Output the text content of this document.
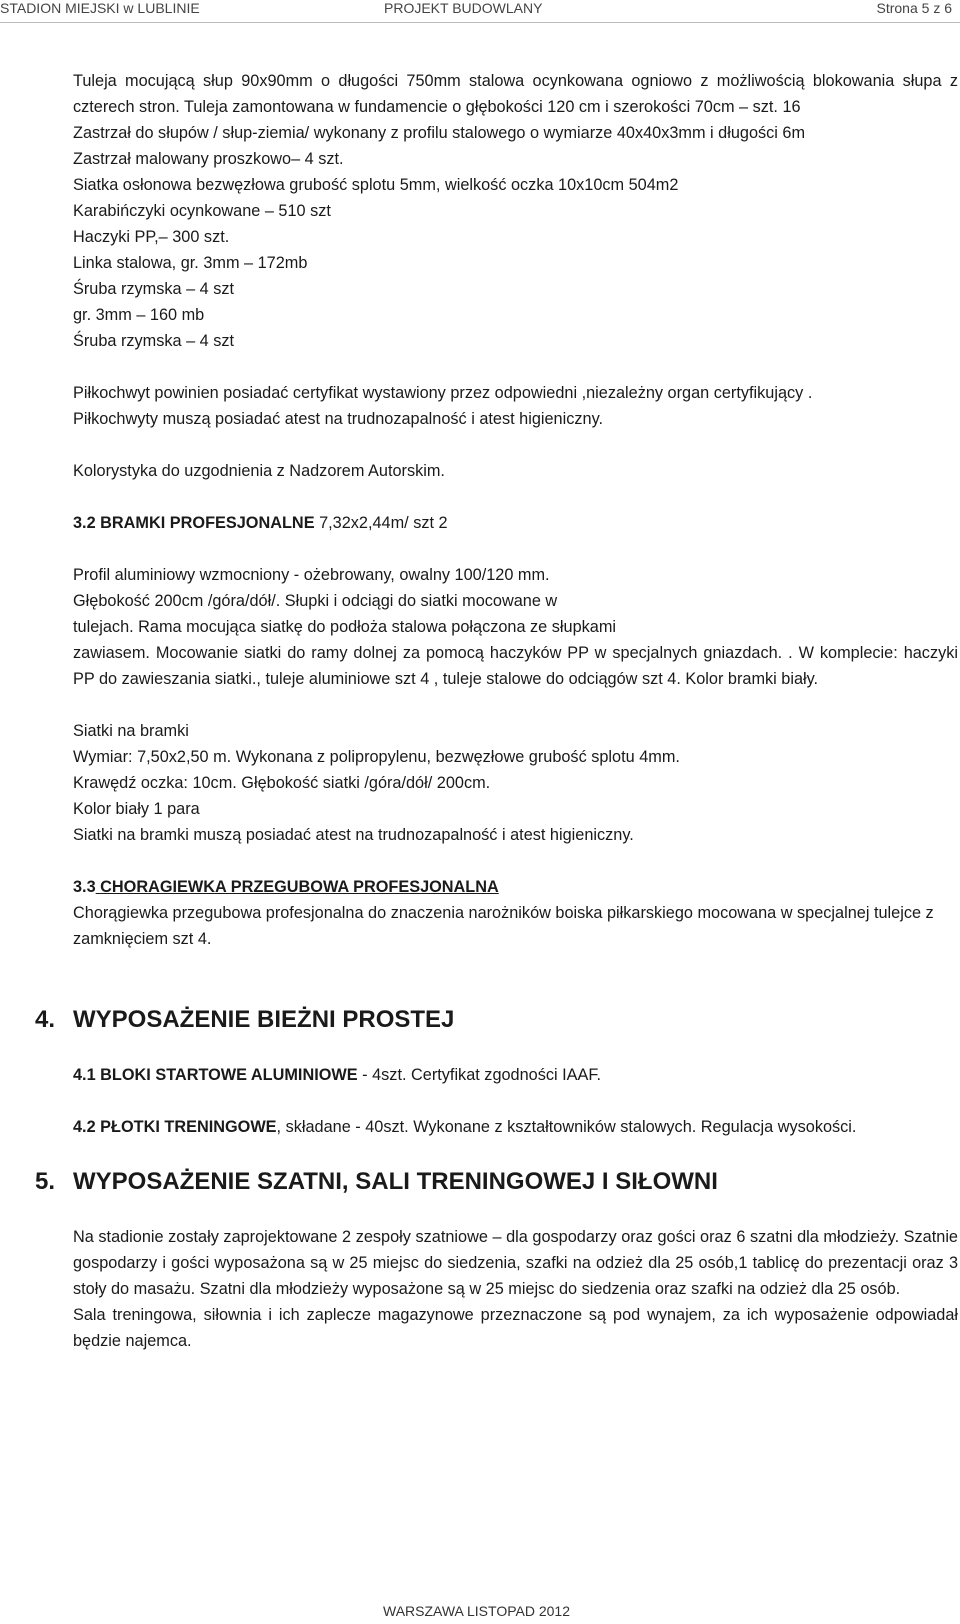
STADION MIEJSKI w LUBLINIE	PROJEKT BUDOWLANY	Strona 5 z 6

Tuleja mocującą słup 90x90mm o długości 750mm stalowa ocynkowana ogniowo z możliwością blokowania słupa z czterech stron. Tuleja zamontowana w fundamencie o głębokości 120 cm i szerokości 70cm – szt. 16

Zastrzał do słupów / słup-ziemia/ wykonany z profilu stalowego o wymiarze 40x40x3mm i długości 6m

Zastrzał malowany proszkowo– 4 szt.

Siatka osłonowa bezwęzłowa grubość splotu 5mm, wielkość oczka 10x10cm 504m2

Karabińczyki ocynkowane – 510 szt

Haczyki PP,– 300 szt.

Linka stalowa, gr. 3mm – 172mb

Śruba rzymska – 4 szt

gr. 3mm – 160 mb

Śruba rzymska – 4 szt

Piłkochwyt powinien posiadać certyfikat wystawiony przez odpowiedni ,niezależny organ certyfikujący .

Piłkochwyty muszą posiadać atest na trudnozapalność i atest higieniczny.

Kolorystyka do uzgodnienia z Nadzorem Autorskim.

3.2 BRAMKI PROFESJONALNE 7,32x2,44m/ szt 2

Profil aluminiowy wzmocniony - ożebrowany, owalny 100/120 mm.

Głębokość 200cm /góra/dół/. Słupki i odciągi do siatki mocowane w

tulejach. Rama mocująca siatkę do podłoża stalowa połączona ze słupkami

zawiasem. Mocowanie siatki do ramy dolnej za pomocą haczyków PP w specjalnych gniazdach. . W komplecie: haczyki PP do zawieszania siatki., tuleje aluminiowe szt 4 , tuleje stalowe do odciągów szt 4. Kolor bramki biały.

Siatki na bramki

Wymiar: 7,50x2,50 m. Wykonana z polipropylenu, bezwęzłowe grubość splotu 4mm.

Krawędź oczka: 10cm. Głębokość siatki /góra/dół/ 200cm.

Kolor biały 1 para

Siatki na bramki muszą posiadać atest na trudnozapalność i atest higieniczny.

3.3 CHORAGIEWKA PRZEGUBOWA PROFESJONALNA

Chorągiewka przegubowa profesjonalna do znaczenia narożników boiska piłkarskiego mocowana w specjalnej tulejce z zamknięciem szt 4.

4. WYPOSAŻENIE BIEŻNI PROSTEJ

4.1 BLOKI STARTOWE ALUMINIOWE - 4szt. Certyfikat zgodności IAAF.

4.2 PŁOTKI TRENINGOWE, składane - 40szt. Wykonane z kształtowników stalowych. Regulacja wysokości.

5. WYPOSAŻENIE SZATNI, SALI TRENINGOWEJ I SIŁOWNI

Na stadionie zostały zaprojektowane 2 zespoły szatniowe – dla gospodarzy oraz gości oraz 6 szatni dla młodzieży. Szatnie gospodarzy i gości wyposażona są w 25 miejsc do siedzenia, szafki na odzież dla 25 osób,1 tablicę do prezentacji oraz 3 stoły do masażu. Szatni dla młodzieży wyposażone są w 25 miejsc do siedzenia oraz szafki na odzież dla 25 osób.

Sala treningowa, siłownia i ich zaplecze magazynowe przeznaczone są pod wynajem, za ich wyposażenie odpowiadał będzie najemca.

WARSZAWA LISTOPAD 2012
